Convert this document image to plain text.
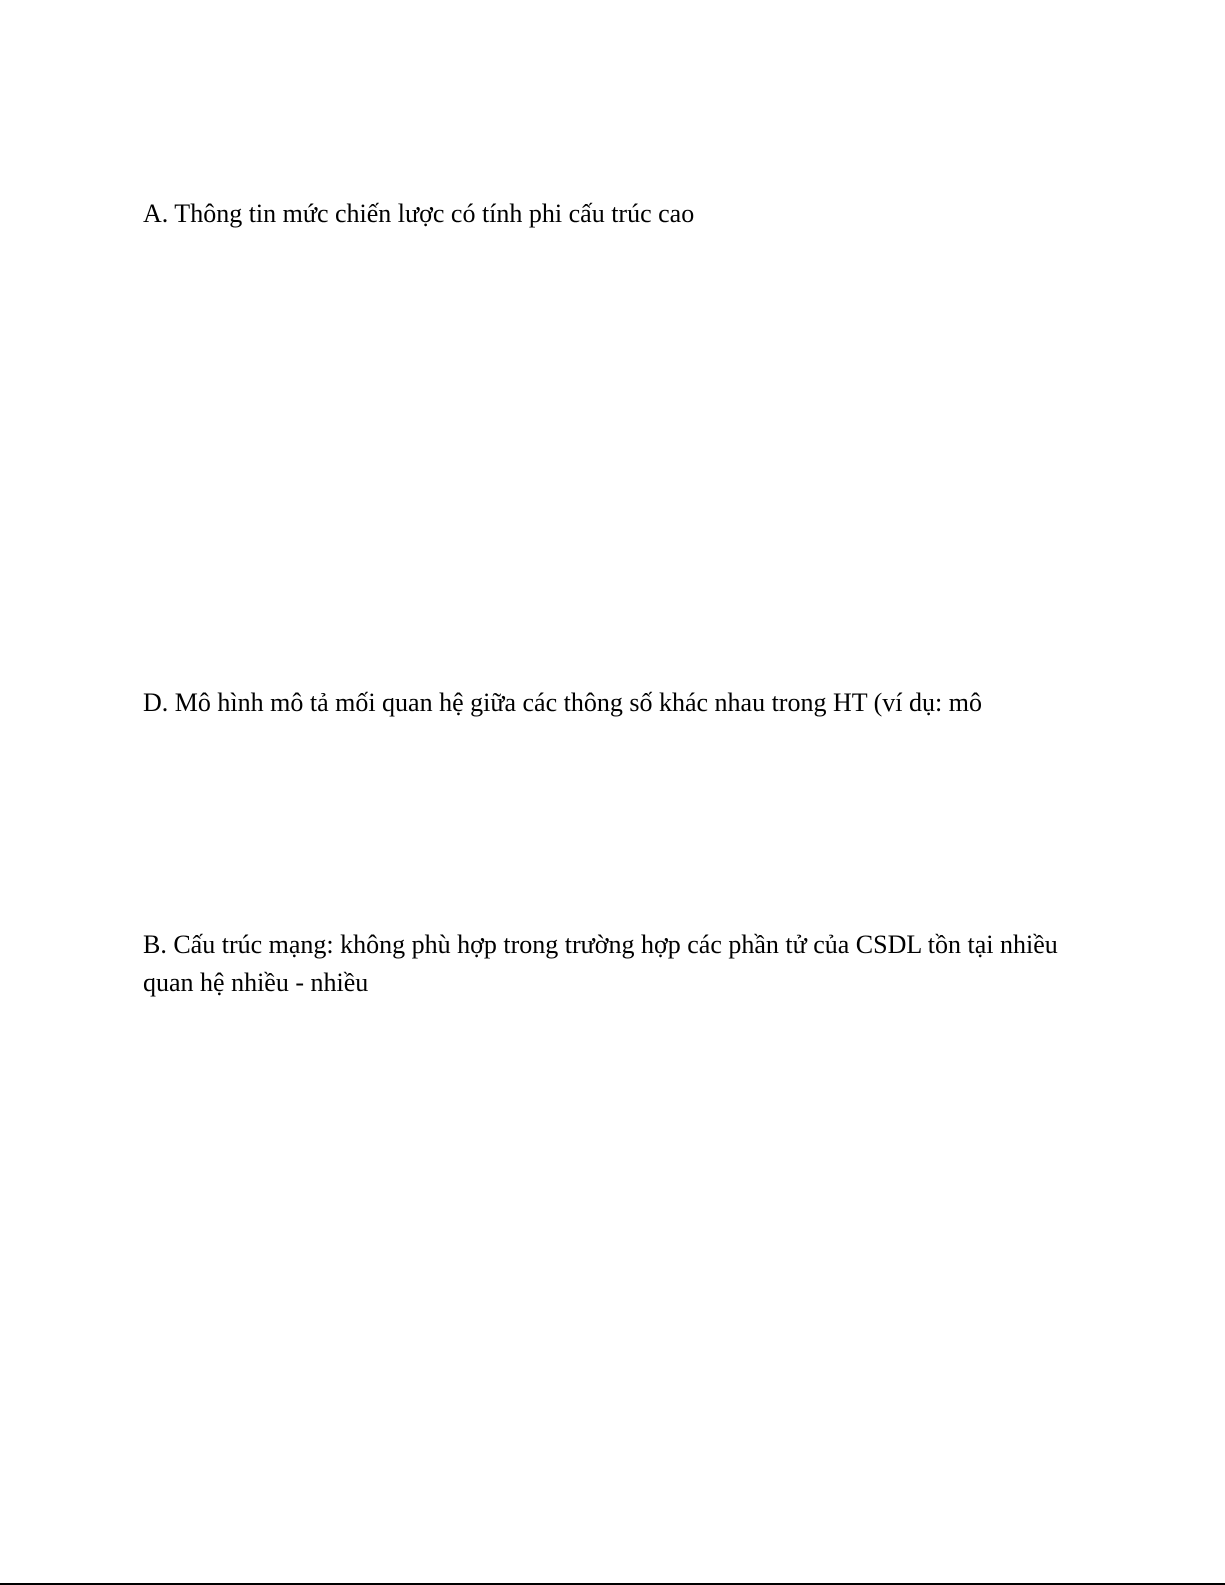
A. Thông tin mức chiến lược có tính phi cấu trúc cao

D. Mô hình mô tả mối quan hệ giữa các thông số khác nhau trong HT (ví dụ: mô

B. Cấu trúc mạng: không phù hợp trong trường hợp các phần tử của CSDL tồn tại nhiều quan hệ nhiều - nhiều
